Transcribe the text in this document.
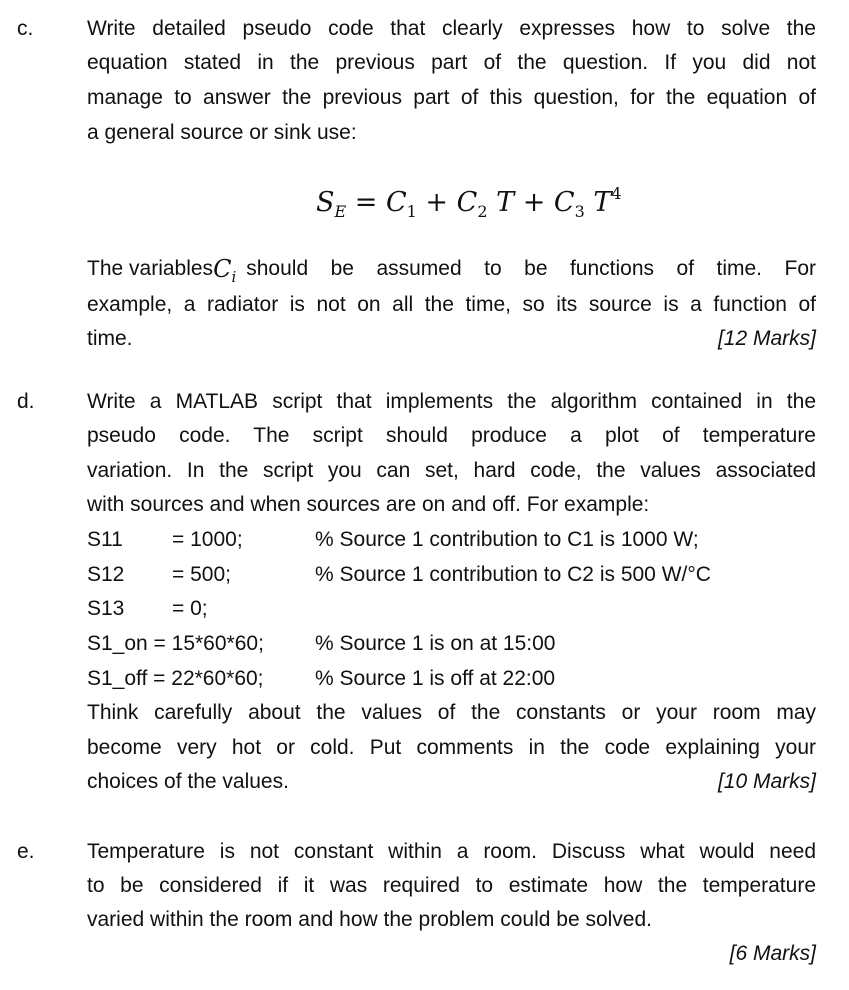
c.	Write detailed pseudo code that clearly expresses how to solve the
equation stated in the previous part of the question. If you did not
manage to answer the previous part of this question, for the equation of
a general source or sink use:
$S_E = C_1 + C_2$ $T + C_3$ $T^4$
The variables $C_i$ should be assumed to be functions of time. For
example, a radiator is not on all the time, so its source is a function of
time.	[12 Marks]
d. Write a MATLAB script that implements the algorithm contained in the
pseudo code. The script should produce a plot of temperature
variation. In the script you can set, hard code, the values associated
with sources and when sources are on and off. For example:
S11 = 1000;	% Source 1 contribution to C1 is 1000 W;
S12 = 500;	% Source 1 contribution to C2 is 500 W/°C
S13 = 0;
S1_on = 15*60*60; % Source 1 is on at 15:00
S1_off = 22*60*60; % Source 1 is off at 22:00
Think carefully about the values of the constants or your room may
become very hot or cold. Put comments in the code explaining your
choices of the values.	[10 Marks]
e. Temperature is not constant within a room. Discuss what would need
to be considered if it was required to estimate how the temperature
varied within the room and how the problem could be solved.
[6 Marks]
